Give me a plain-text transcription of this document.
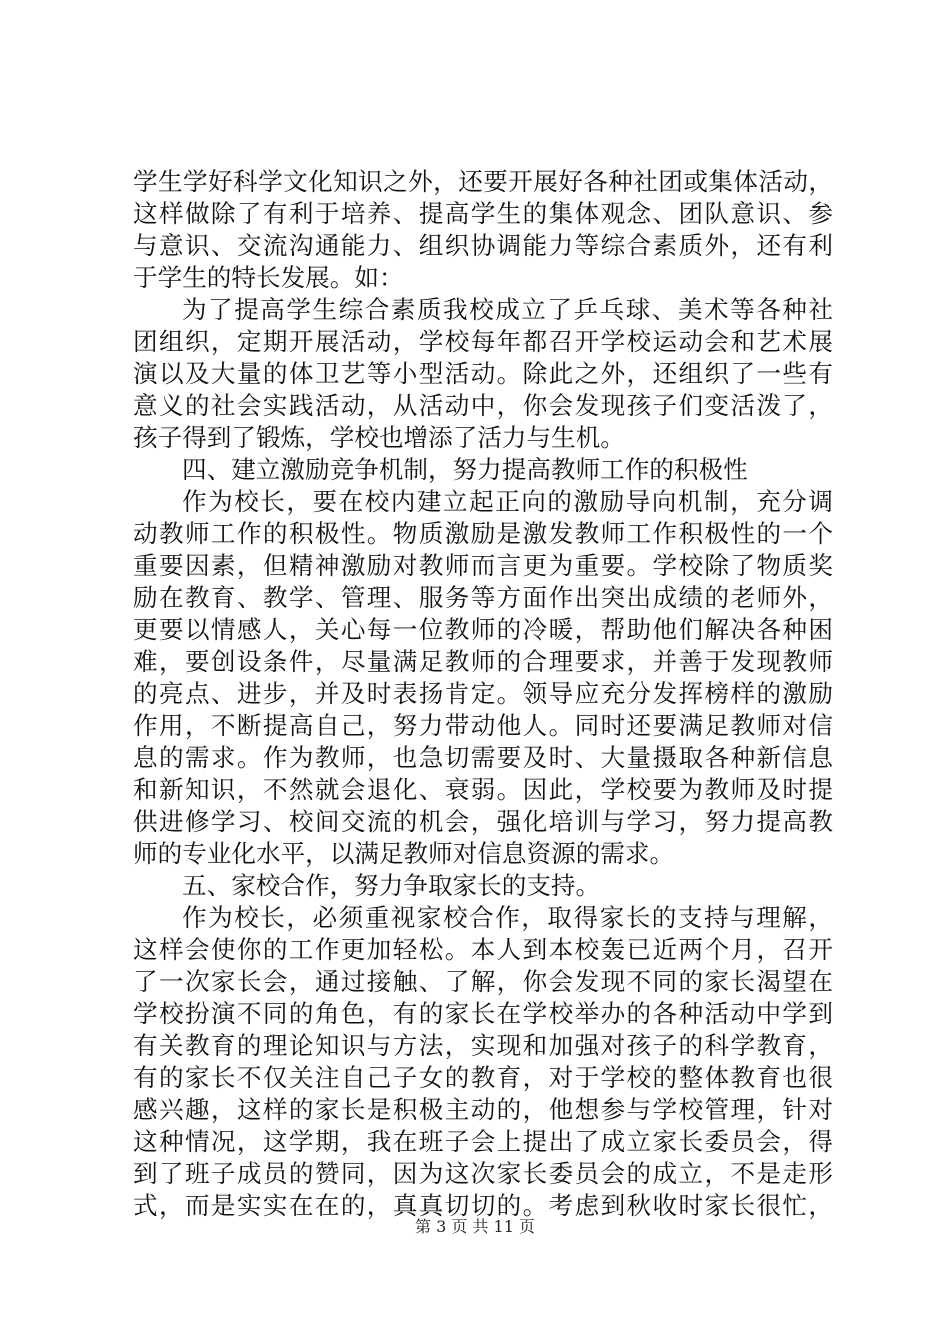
学生学好科学文化知识之外，还要开展好各种社团或集体活动，
这样做除了有利于培养、提高学生的集体观念、团队意识、参
与意识、交流沟通能力、组织协调能力等综合素质外，还有利
于学生的特长发展。如：
为了提高学生综合素质我校成立了乒乓球、美术等各种社
团组织，定期开展活动，学校每年都召开学校运动会和艺术展
演以及大量的体卫艺等小型活动。除此之外，还组织了一些有
意义的社会实践活动，从活动中，你会发现孩子们变活泼了，
孩子得到了锻炼，学校也增添了活力与生机。
四、建立激励竞争机制，努力提高教师工作的积极性
作为校长，要在校内建立起正向的激励导向机制，充分调
动教师工作的积极性。物质激励是激发教师工作积极性的一个
重要因素，但精神激励对教师而言更为重要。学校除了物质奖
励在教育、教学、管理、服务等方面作出突出成绩的老师外，
更要以情感人，关心每一位教师的冷暖，帮助他们解决各种困
难，要创设条件，尽量满足教师的合理要求，并善于发现教师
的亮点、进步，并及时表扬肯定。领导应充分发挥榜样的激励
作用，不断提高自己，努力带动他人。同时还要满足教师对信
息的需求。作为教师，也急切需要及时、大量摄取各种新信息
和新知识，不然就会退化、衰弱。因此，学校要为教师及时提
供进修学习、校间交流的机会，强化培训与学习，努力提高教
师的专业化水平，以满足教师对信息资源的需求。
五、家校合作，努力争取家长的支持。
作为校长，必须重视家校合作，取得家长的支持与理解，
这样会使你的工作更加轻松。本人到本校轰已近两个月，召开
了一次家长会，通过接触、了解，你会发现不同的家长渴望在
学校扮演不同的角色，有的家长在学校举办的各种活动中学到
有关教育的理论知识与方法，实现和加强对孩子的科学教育，
有的家长不仅关注自己子女的教育，对于学校的整体教育也很
感兴趣，这样的家长是积极主动的，他想参与学校管理，针对
这种情况，这学期，我在班子会上提出了成立家长委员会，得
到了班子成员的赞同，因为这次家长委员会的成立，不是走形
式，而是实实在在的，真真切切的。考虑到秋收时家长很忙，
第 3 页 共 11 页
